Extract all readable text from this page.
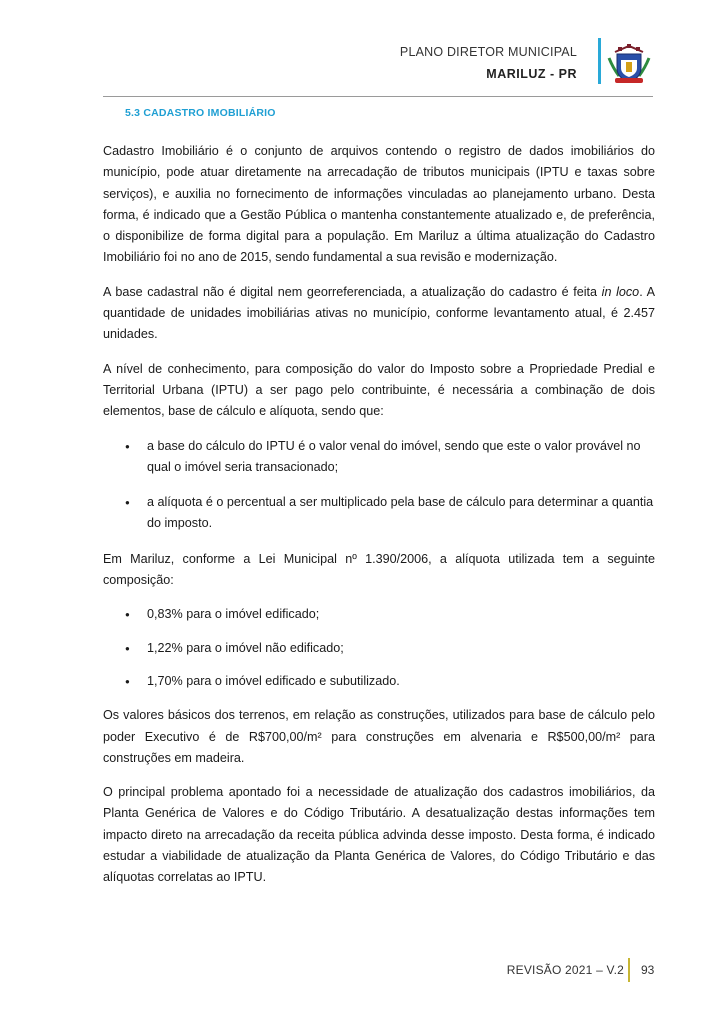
PLANO DIRETOR MUNICIPAL
MARILUZ - PR
5.3 CADASTRO IMOBILIÁRIO

Cadastro Imobiliário é o conjunto de arquivos contendo o registro de dados imobiliários do município, pode atuar diretamente na arrecadação de tributos municipais (IPTU e taxas sobre serviços), e auxilia no fornecimento de informações vinculadas ao planejamento urbano. Desta forma, é indicado que a Gestão Pública o mantenha constantemente atualizado e, de preferência, o disponibilize de forma digital para a população. Em Mariluz a última atualização do Cadastro Imobiliário foi no ano de 2015, sendo fundamental a sua revisão e modernização.

A base cadastral não é digital nem georreferenciada, a atualização do cadastro é feita in loco. A quantidade de unidades imobiliárias ativas no município, conforme levantamento atual, é 2.457 unidades.

A nível de conhecimento, para composição do valor do Imposto sobre a Propriedade Predial e Territorial Urbana (IPTU) a ser pago pelo contribuinte, é necessária a combinação de dois elementos, base de cálculo e alíquota, sendo que:

● a base do cálculo do IPTU é o valor venal do imóvel, sendo que este o valor provável no qual o imóvel seria transacionado;
● a alíquota é o percentual a ser multiplicado pela base de cálculo para determinar a quantia do imposto.

Em Mariluz, conforme a Lei Municipal nº 1.390/2006, a alíquota utilizada tem a seguinte composição:

● 0,83% para o imóvel edificado;
● 1,22% para o imóvel não edificado;
● 1,70% para o imóvel edificado e subutilizado.

Os valores básicos dos terrenos, em relação as construções, utilizados para base de cálculo pelo poder Executivo é de R$700,00/m² para construções em alvenaria e R$500,00/m² para construções em madeira.

O principal problema apontado foi a necessidade de atualização dos cadastros imobiliários, da Planta Genérica de Valores e do Código Tributário. A desatualização destas informações tem impacto direto na arrecadação da receita pública advinda desse imposto. Desta forma, é indicado estudar a viabilidade de atualização da Planta Genérica de Valores, do Código Tributário e das alíquotas correlatas ao IPTU.

REVISÃO 2021 – V.2 93
